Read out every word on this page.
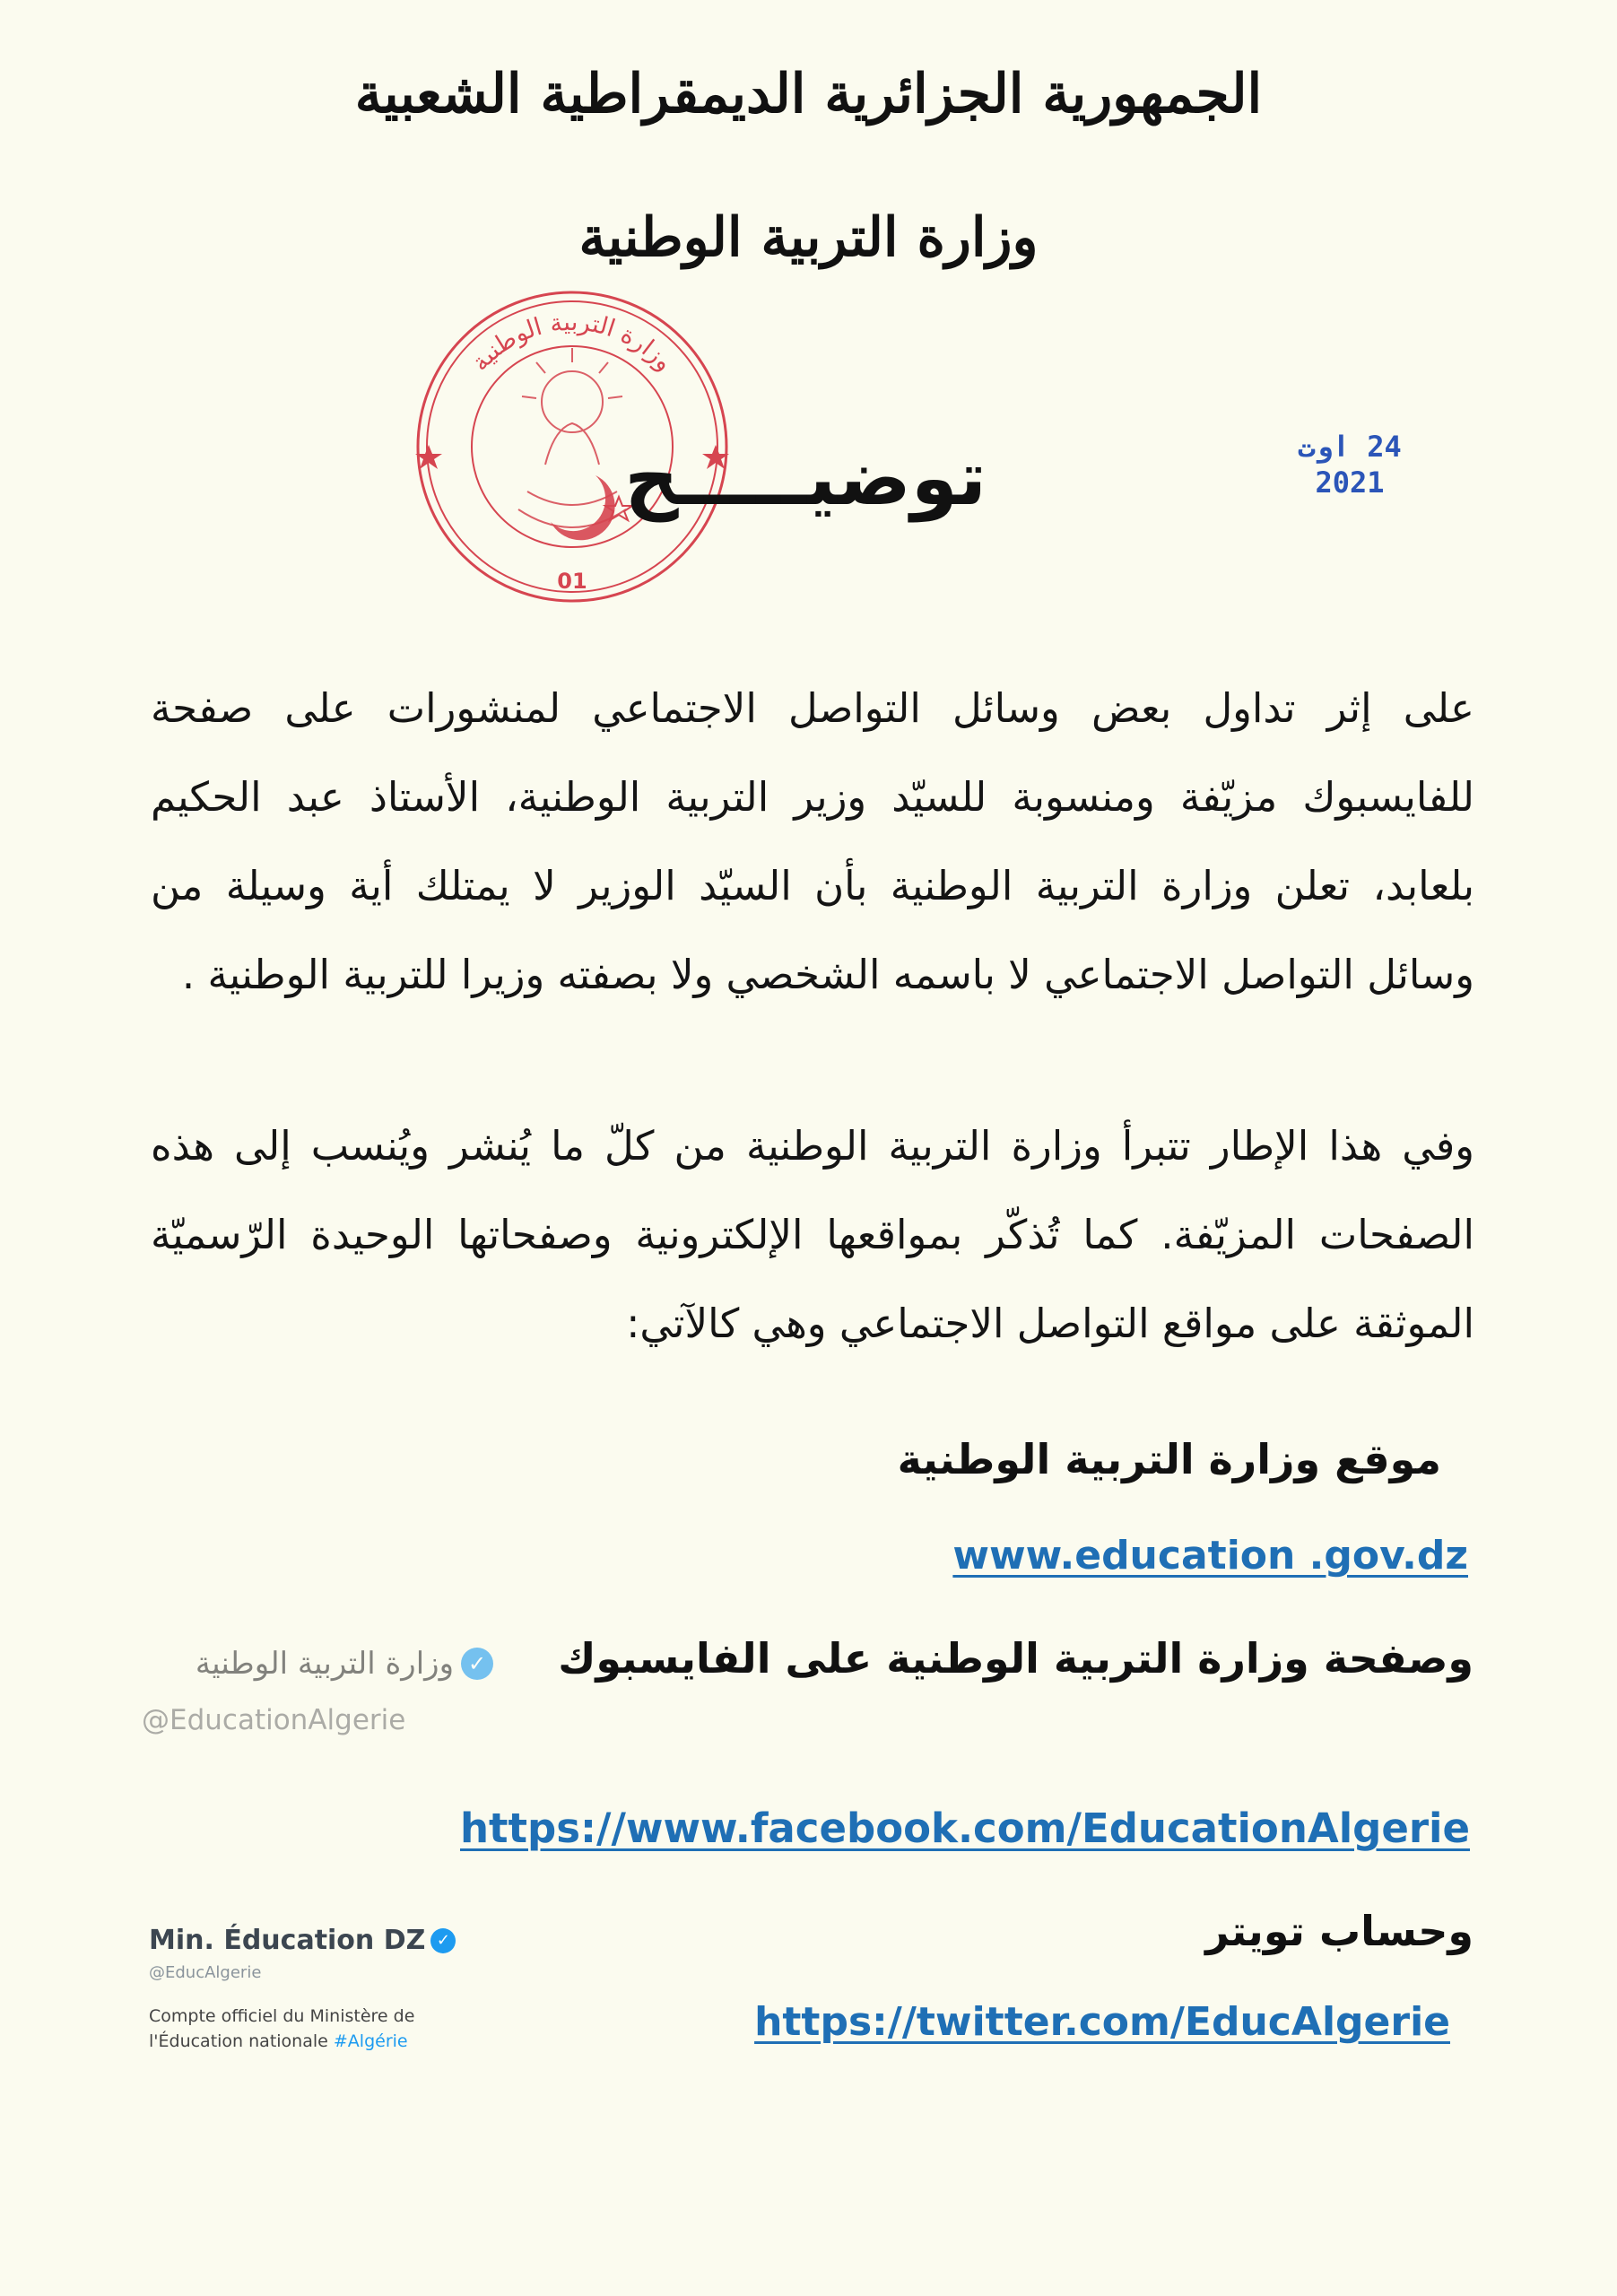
الجمهورية الجزائرية الديمقراطية الشعبية
وزارة التربية الوطنية
وزارة التربية الوطنية
01
توضيـــــح	24 اوت 2021
على إثر تداول بعض وسائل التواصل الاجتماعي لمنشورات على صفحة للفايسبوك مزيّفة ومنسوبة للسيّد وزير التربية الوطنية، الأستاذ عبد الحكيم بلعابد، تعلن وزارة التربية الوطنية بأن السيّد الوزير لا يمتلك أية وسيلة من وسائل التواصل الاجتماعي لا باسمه الشخصي ولا بصفته وزيرا للتربية الوطنية .
وفي هذا الإطار تتبرأ وزارة التربية الوطنية من كلّ ما يُنشر ويُنسب إلى هذه الصفحات المزيّفة. كما تُذكّر بمواقعها الإلكترونية وصفحاتها الوحيدة الرّسميّة الموثقة على مواقع التواصل الاجتماعي وهي كالآتي:
موقع وزارة التربية الوطنية
www.education .gov.dz
وصفحة وزارة التربية الوطنية على الفايسبوك
https://www.facebook.com/EducationAlgerie
وحساب تويتر
https://twitter.com/EducAlgerie
✓
وزارة التربية الوطنية
@EducationAlgerie
Min. Éducation DZ ✓
@EducAlgerie
Compte officiel du Ministère de l'Éducation nationale #Algérie
